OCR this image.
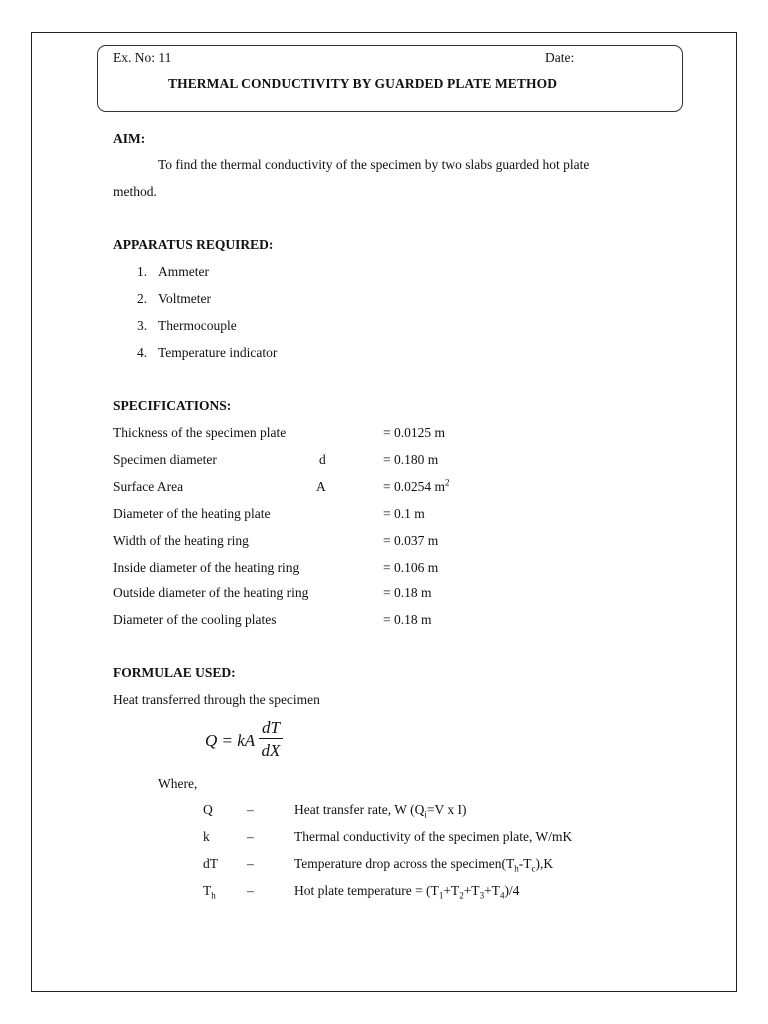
Ex. No: 11	Date:
THERMAL CONDUCTIVITY BY GUARDED PLATE METHOD
AIM:
To find the thermal conductivity of the specimen by two slabs guarded hot plate
method.
APPARATUS REQUIRED:
1. Ammeter
2. Voltmeter
3. Thermocouple
4. Temperature indicator
SPECIFICATIONS:
Thickness of the specimen plate	= 0.0125 m
Specimen diameter	d	= 0.180 m
Surface Area	A	= 0.0254 $m^2$
Diameter of the heating plate	= 0.1 m
Width of the heating ring	= 0.037 m
Inside diameter of the heating ring	= 0.106 m
Outside diameter of the heating ring	= 0.18 m
Diameter of the cooling plates	= 0.18 m
FORMULAE USED:
Heat transferred through the specimen
Q = kA
dT
dX
Where,
Q	–	Heat transfer rate, W ($Q_i=V$ x I)
k	–	Thermal conductivity of the specimen plate, W/mK
dT –	Temperature drop across the $specimen(T_h-T_c),K$
$T_h$ –	Hot plate temperature = $(T_1+T_2+T_3+T_4)/4$
